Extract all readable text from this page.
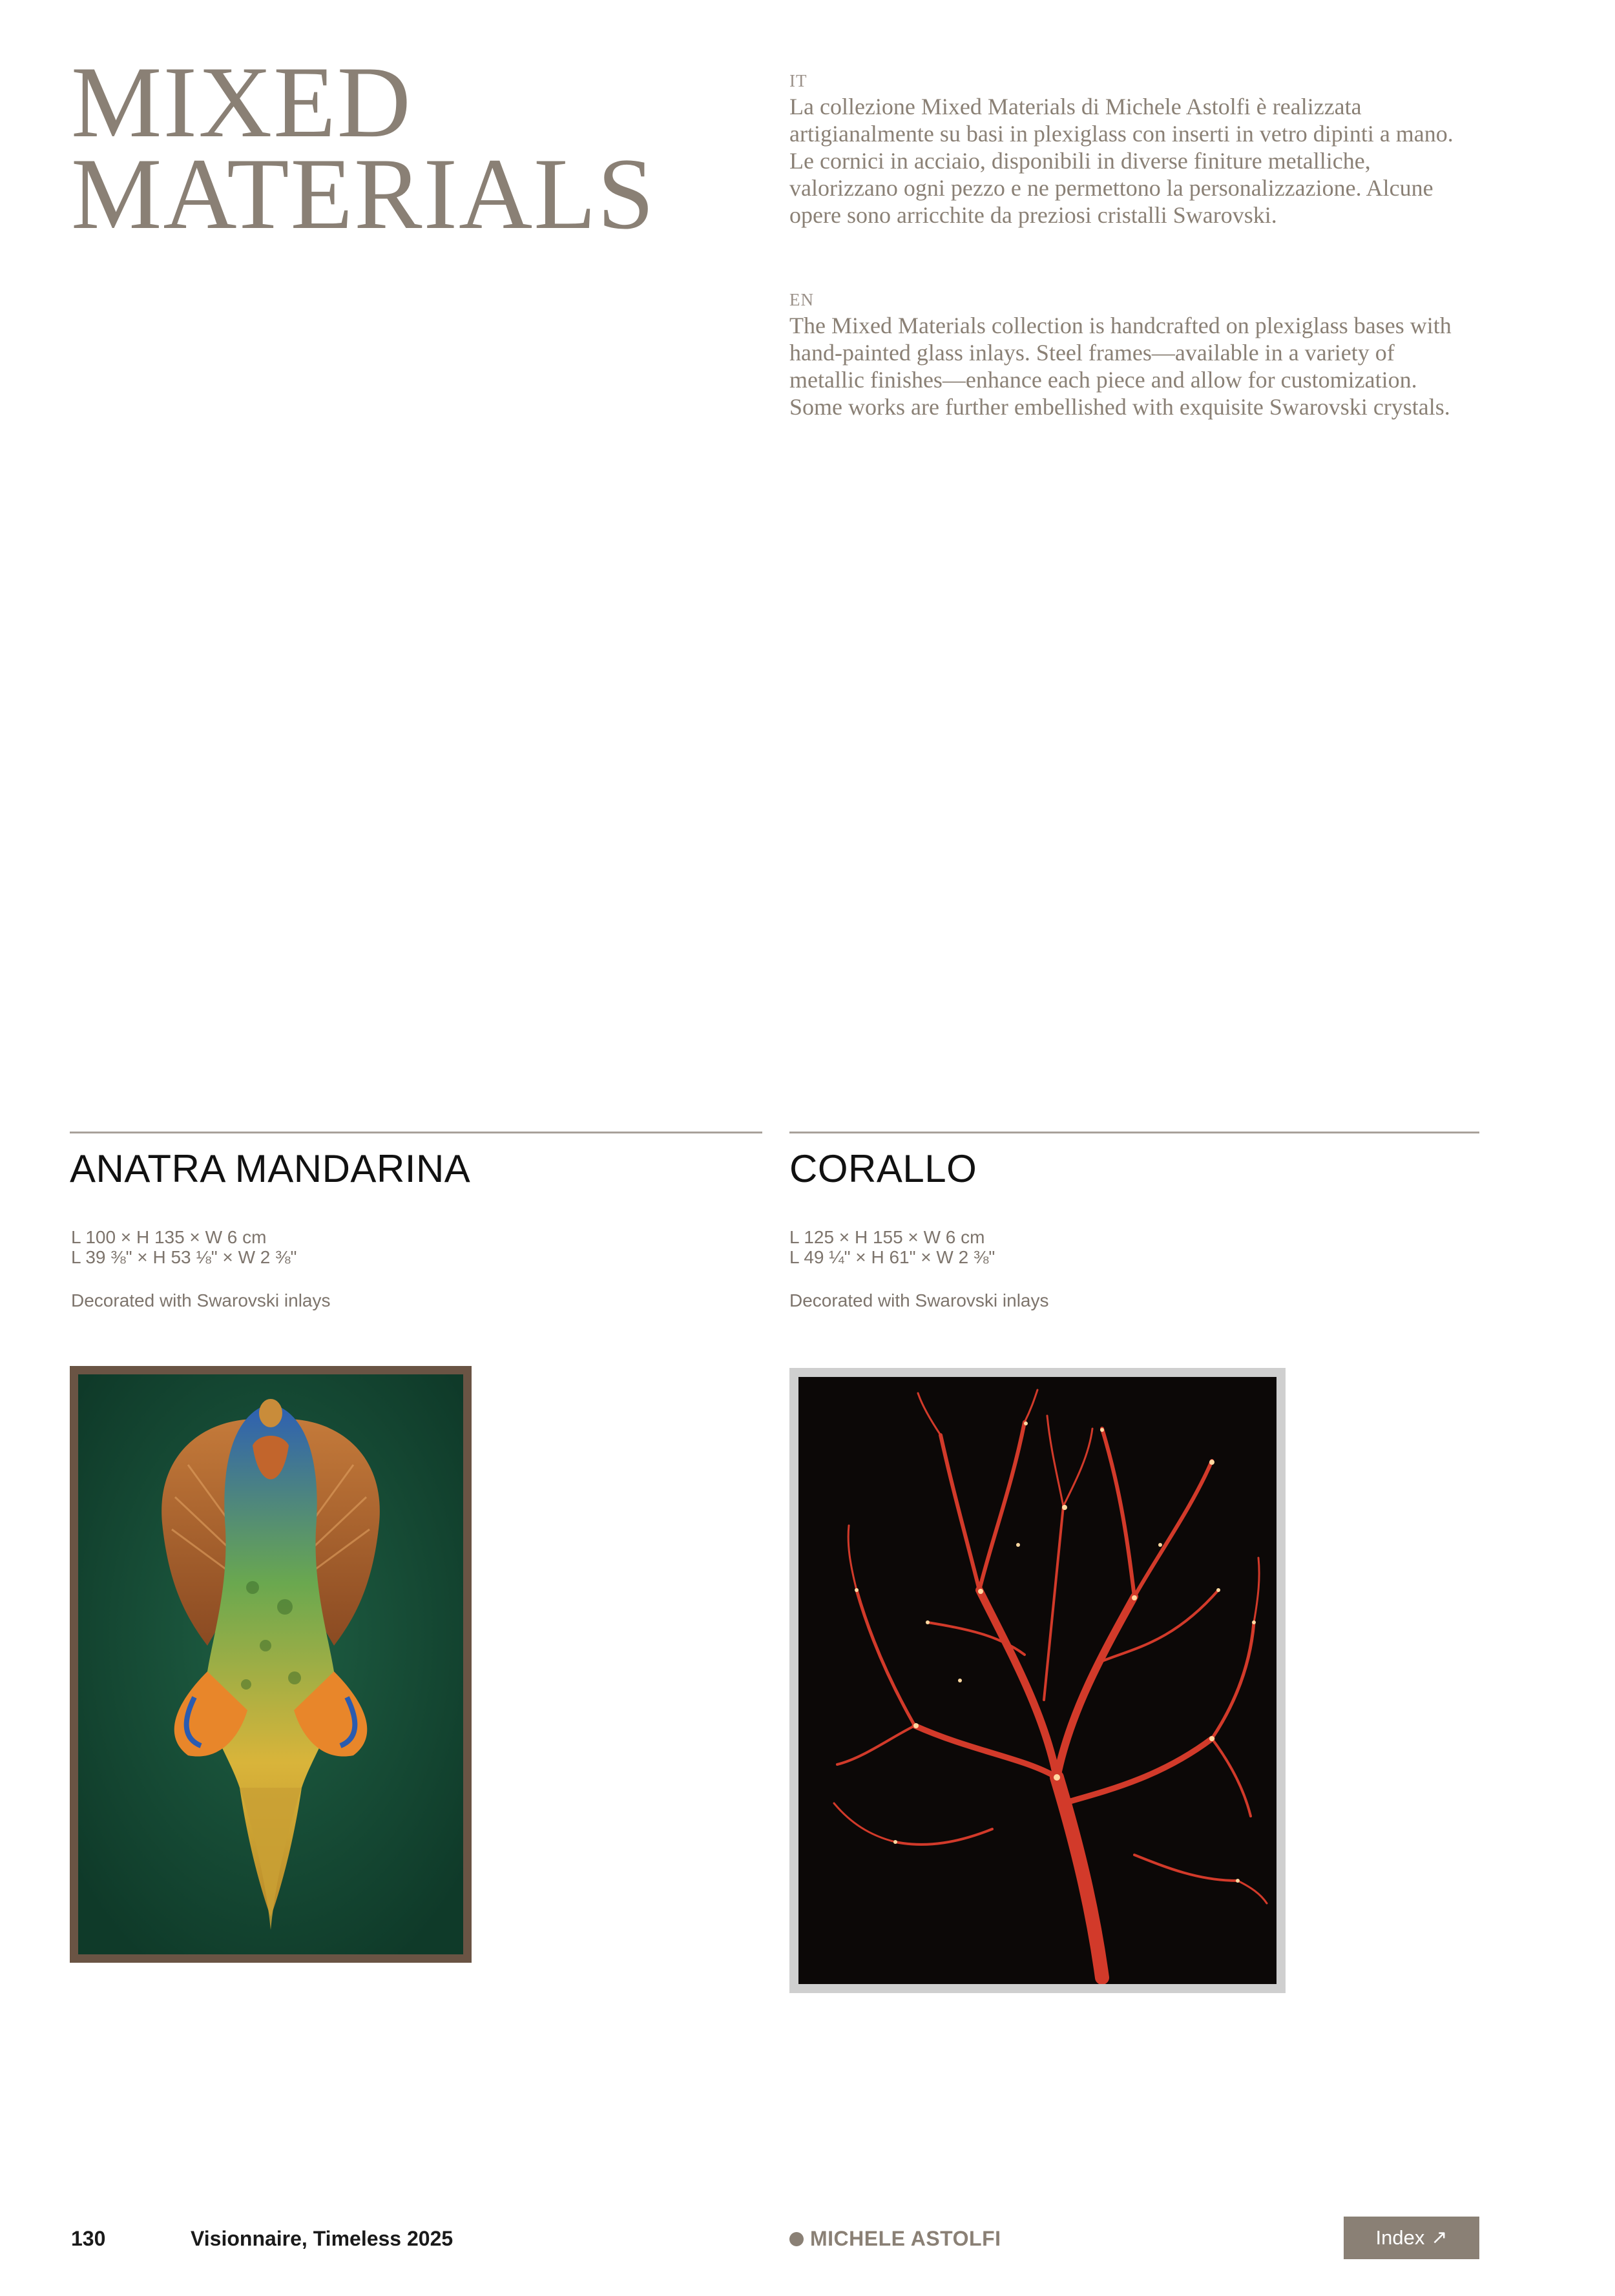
MIXED
MATERIALS
IT

La collezione Mixed Materials di Michele Astolfi è realizzata artigianalmente su basi in plexiglass con inserti in vetro dipinti a mano. Le cornici in acciaio, disponibili in diverse finiture metalliche, valorizzano ogni pezzo e ne permettono la personalizzazione. Alcune opere sono arricchite da preziosi cristalli Swarovski.

EN

The Mixed Materials collection is handcrafted on plexiglass bases with hand-painted glass inlays. Steel frames—available in a variety of metallic finishes—enhance each piece and allow for customization. Some works are further embellished with exquisite Swarovski crystals.

ANATRA MANDARINA
L 100 × H 135 × W 6 cm
L 39 ⅜" × H 53 ⅛" × W 2 ⅜"
Decorated with Swarovski inlays
CORALLO
L 125 × H 155 × W 6 cm
L 49 ¼" × H 61" × W 2 ⅜"
Decorated with Swarovski inlays
130	Visionnaire, Timeless 2025	MICHELE ASTOLFI	Index ↗
